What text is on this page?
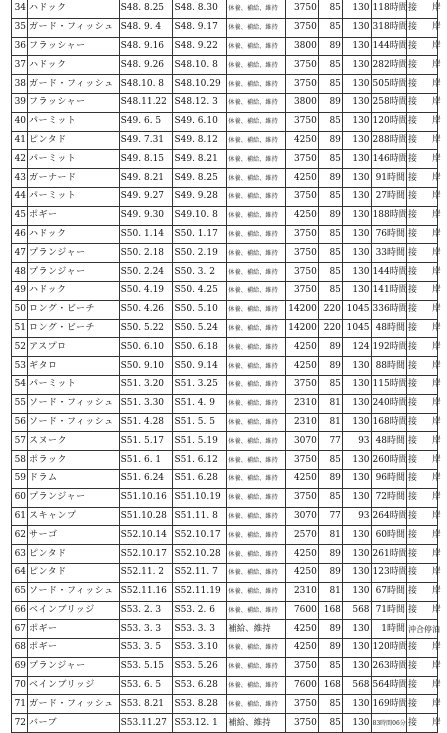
34	ハドック	S48. 8.25	S48. 8.30	休養、補給、維持	3750	85	130	118時間	接 岸
35	ガード・フィッシュ	S48. 9. 4	S48. 9.17	休養、補給、維持	3750	85	130	318時間	接 岸
36	フラッシャー	S48. 9.16	S48. 9.22	休養、補給、維持	3800	89	130	144時間	接 岸
37	ハドック	S48. 9.26	S48.10. 8	休養、補給、維持	3750	85	130	282時間	接 岸
38	ガード・フィッシュ	S48.10. 8	S48.10.29	休養、補給、維持	3750	85	130	505時間	接 岸
39	フラッシャー	S48.11.22	S48.12. 3	休養、補給、維持	3800	89	130	258時間	接 岸
40	パーミット	S49. 6. 5	S49. 6.10	休養、補給、維持	3750	85	130	120時間	接 岸
41	ピンタド	S49. 7.31	S49. 8.12	休養、補給、維持	4250	89	130	288時間	接 岸
42	パーミット	S49. 8.15	S49. 8.21	休養、補給、維持	3750	85	130	146時間	接 岸
43	ガーナード	S49. 8.21	S49. 8.25	休養、補給、維持	4250	89	130	91時間	接 岸
44	パーミット	S49. 9.27	S49. 9.28	休養、補給、維持	3750	85	130	27時間	接 岸
45	ポギー	S49. 9.30	S49.10. 8	休養、補給、維持	4250	89	130	188時間	接 岸
46	ハドック	S50. 1.14	S50. 1.17	休養、補給、維持	3750	85	130	76時間	接 岸
47	プランジャー	S50. 2.18	S50. 2.19	休養、補給、維持	3750	85	130	33時間	接 岸
48	プランジャー	S50. 2.24	S50. 3. 2	休養、補給、維持	3750	85	130	144時間	接 岸
49	ハドック	S50. 4.19	S50. 4.25	休養、補給、維持	3750	85	130	141時間	接 岸
50	ロング・ビーチ	S50. 4.26	S50. 5.10	休養、補給、維持	14200	220	1045	336時間	接 岸
51	ロング・ビーチ	S50. 5.22	S50. 5.24	休養、補給、維持	14200	220	1045	48時間	接 岸
52	アスプロ	S50. 6.10	S50. 6.18	休養、補給、維持	4250	89	124	192時間	接 岸
53	ギタロ	S50. 9.10	S50. 9.14	休養、補給、維持	4250	89	130	88時間	接 岸
54	パーミット	S51. 3.20	S51. 3.25	休養、補給、維持	3750	85	130	115時間	接 岸
55	ソード・フィッシュ	S51. 3.30	S51. 4. 9	休養、補給、維持	2310	81	130	240時間	接 岸
56	ソード・フィッシュ	S51. 4.28	S51. 5. 5	休養、補給、維持	2310	81	130	168時間	接 岸
57	スヌーク	S51. 5.17	S51. 5.19	休養、補給、維持	3070	77	93	48時間	接 岸
58	ポラック	S51. 6. 1	S51. 6.12	休養、補給、維持	3750	85	130	260時間	接 岸
59	ドラム	S51. 6.24	S51. 6.28	休養、補給、維持	4250	89	130	96時間	接 岸
60	プランジャー	S51.10.16	S51.10.19	休養、補給、維持	3750	85	130	72時間	接 岸
61	スキャンプ	S51.10.28	S51.11. 8	休養、補給、維持	3070	77	93	264時間	接 岸
62	サーゴ	S52.10.14	S52.10.17	休養、補給、維持	2570	81	130	60時間	接 岸
63	ピンタド	S52.10.17	S52.10.28	休養、補給、維持	4250	89	130	261時間	接 岸
64	ピンタド	S52.11. 2	S52.11. 7	休養、補給、維持	4250	89	130	123時間	接 岸
65	ソード・フィッシュ	S52.11.16	S52.11.19	休養、補給、維持	2310	81	130	67時間	接 岸
66	ベインブリッジ	S53. 2. 3	S53. 2. 6	休養、補給、維持	7600	168	568	71時間	接 岸
67	ポギー	S53. 3. 3	S53. 3. 3	補給、維持	4250	89	130	1時間	沖合停泊
68	ポギー	S53. 3. 5	S53. 3.10	休養、補給、維持	4250	89	130	120時間	接 岸
69	プランジャー	S53. 5.15	S53. 5.26	休養、補給、維持	3750	85	130	263時間	接 岸
70	ベインブリッジ	S53. 6. 5	S53. 6.28	休養、補給、維持	7600	168	568	564時間	接 岸
71	ガード・フィッシュ	S53. 8.21	S53. 8.28	休養、補給、維持	3750	85	130	169時間	接 岸
72	バーブ	S53.11.27	S53.12. 1	補給、維持	3750	85	130	83時間06分	接 岸
